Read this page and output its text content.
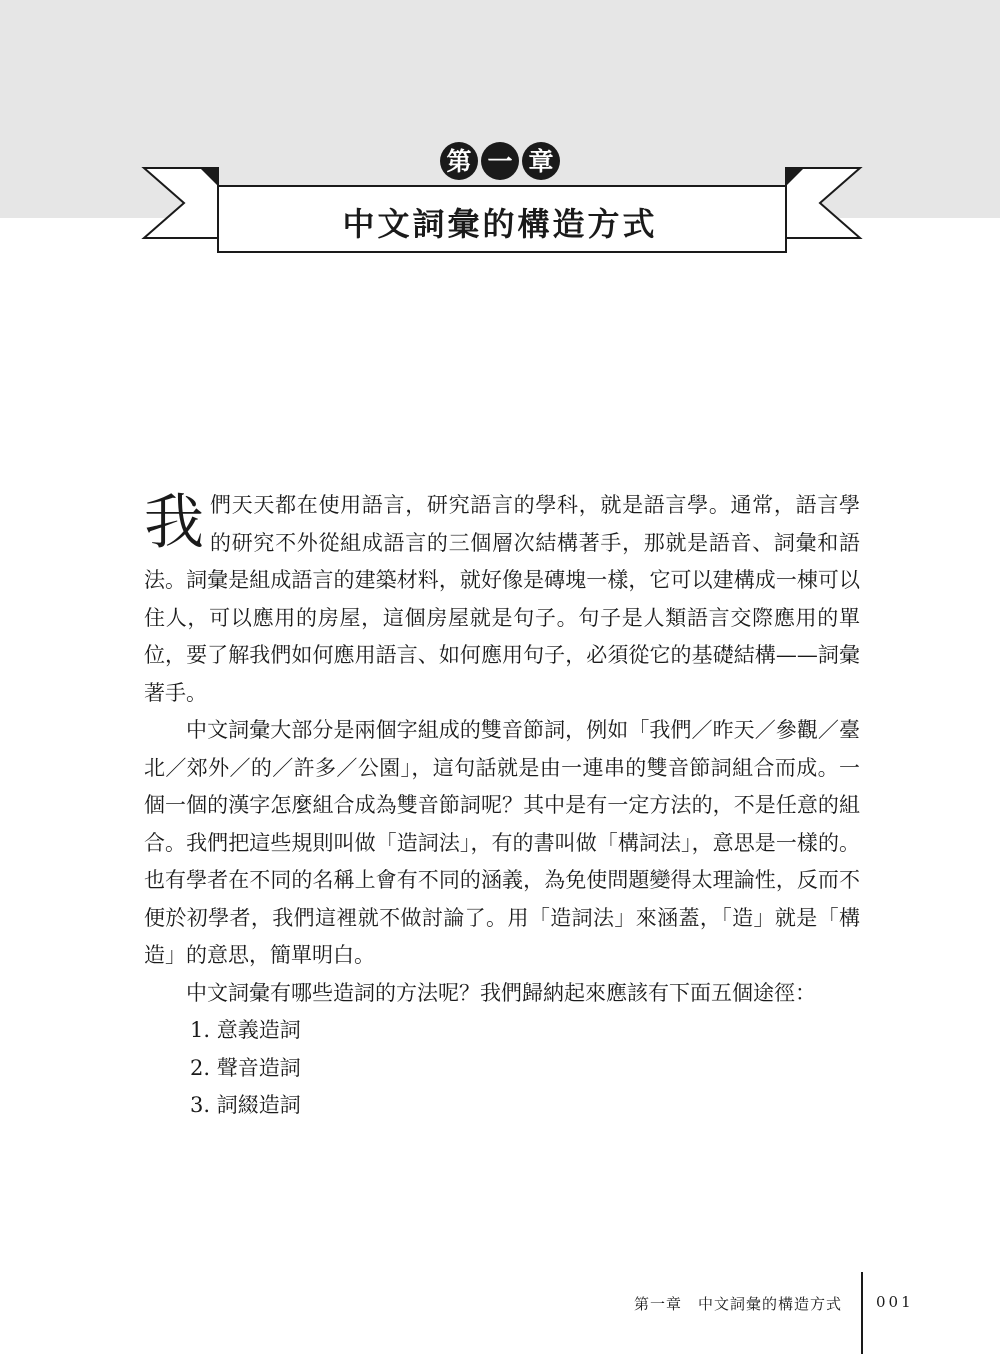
第 一 章
中文詞彙的構造方式

我 們天天都在使用語言，研究語言的學科，就是語言學。通常，語言學的研究不外從組成語言的三個層次結構著手，那就是語音、詞彙和語法。詞彙是組成語言的建築材料，就好像是磚塊一樣，它可以建構成一棟可以住人，可以應用的房屋，這個房屋就是句子。句子是人類語言交際應用的單位，要了解我們如何應用語言、如何應用句子，必須從它的基礎結構——詞彙著手。

中文詞彙大部分是兩個字組成的雙音節詞，例如「我們／昨天／參觀／臺北／郊外／的／許多／公園」，這句話就是由一連串的雙音節詞組合而成。一個一個的漢字怎麼組合成為雙音節詞呢？其中是有一定方法的，不是任意的組合。我們把這些規則叫做「造詞法」，有的書叫做「構詞法」，意思是一樣的。也有學者在不同的名稱上會有不同的涵義，為免使問題變得太理論性，反而不便於初學者，我們這裡就不做討論了。用「造詞法」來涵蓋，「造」就是「構造」的意思，簡單明白。

中文詞彙有哪些造詞的方法呢？我們歸納起來應該有下面五個途徑：

1. 意義造詞
2. 聲音造詞
3. 詞綴造詞
第一章　中文詞彙的構造方式 001
